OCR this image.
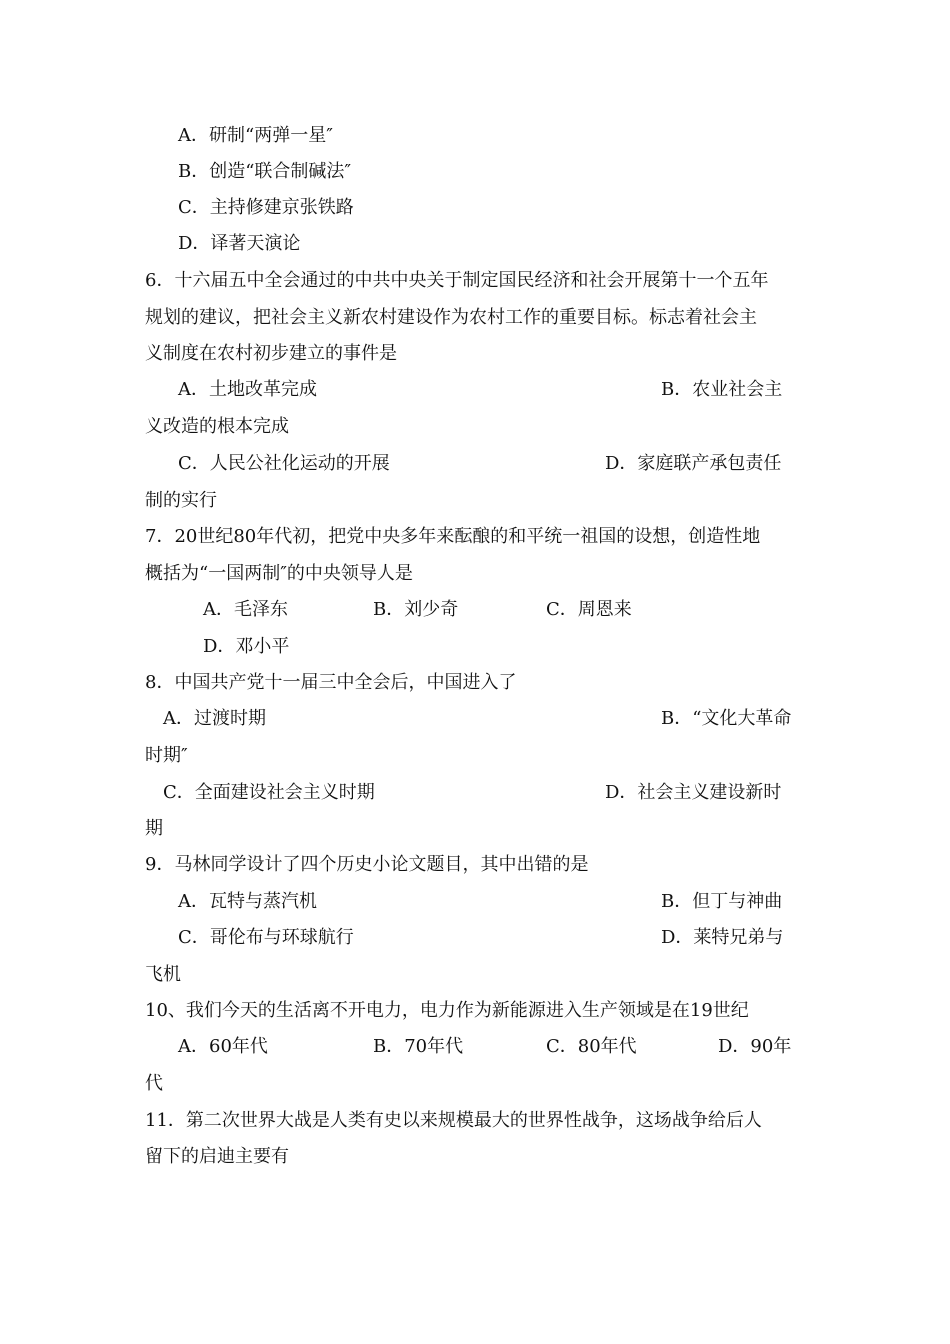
A．研制“两弹一星″
B．创造“联合制碱法″
C．主持修建京张铁路
D．译著天演论
6．十六届五中全会通过的中共中央关于制定国民经济和社会开展第十一个五年
规划的建议，把社会主义新农村建设作为农村工作的重要目标。标志着社会主
义制度在农村初步建立的事件是
A．土地改革完成	B．农业社会主
义改造的根本完成
C．人民公社化运动的开展	D．家庭联产承包责任
制的实行
7．20世纪80年代初，把党中央多年来酝酿的和平统一祖国的设想，创造性地
概括为“一国两制″的中央领导人是
A．毛泽东	B．刘少奇	C．周恩来
D．邓小平
8．中国共产党十一届三中全会后，中国进入了
A．过渡时期	B．“文化大革命
时期″
C．全面建设社会主义时期	D．社会主义建设新时
期
9．马林同学设计了四个历史小论文题目，其中出错的是
A．瓦特与蒸汽机	B．但丁与神曲
C．哥伦布与环球航行	D．莱特兄弟与
飞机
10、我们今天的生活离不开电力，电力作为新能源进入生产领域是在19世纪
A．60年代	B．70年代	C．80年代	D．90年
代
11．第二次世界大战是人类有史以来规模最大的世界性战争，这场战争给后人
留下的启迪主要有
